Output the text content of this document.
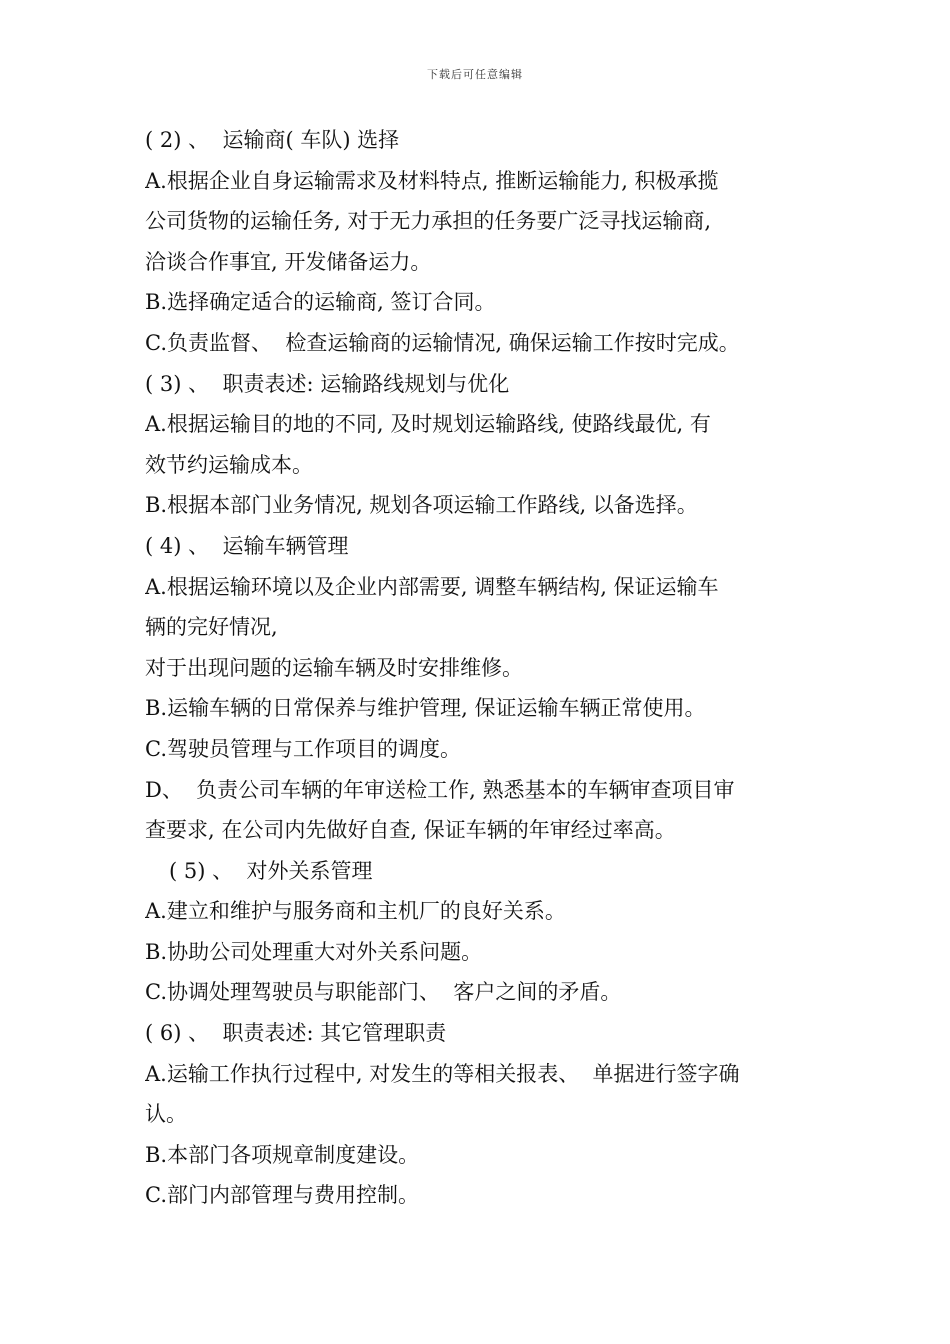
下载后可任意编辑
( 2) 、  运输商( 车队) 选择
A.根据企业自身运输需求及材料特点, 推断运输能力, 积极承揽
公司货物的运输任务, 对于无力承担的任务要广泛寻找运输商,
洽谈合作事宜, 开发储备运力。
B.选择确定适合的运输商, 签订合同。
C.负责监督、  检查运输商的运输情况, 确保运输工作按时完成。
( 3) 、  职责表述: 运输路线规划与优化
A.根据运输目的地的不同, 及时规划运输路线, 使路线最优, 有
效节约运输成本。
B.根据本部门业务情况, 规划各项运输工作路线, 以备选择。
( 4) 、  运输车辆管理
A.根据运输环境以及企业内部需要, 调整车辆结构, 保证运输车
辆的完好情况,
对于出现问题的运输车辆及时安排维修。
B.运输车辆的日常保养与维护管理, 保证运输车辆正常使用。
C.驾驶员管理与工作项目的调度。
D、  负责公司车辆的年审送检工作, 熟悉基本的车辆审查项目审
查要求, 在公司内先做好自查, 保证车辆的年审经过率高。
( 5) 、  对外关系管理
A.建立和维护与服务商和主机厂的良好关系。
B.协助公司处理重大对外关系问题。
C.协调处理驾驶员与职能部门、  客户之间的矛盾。
( 6) 、  职责表述: 其它管理职责
A.运输工作执行过程中, 对发生的等相关报表、  单据进行签字确
认。
B.本部门各项规章制度建设。
C.部门内部管理与费用控制。
